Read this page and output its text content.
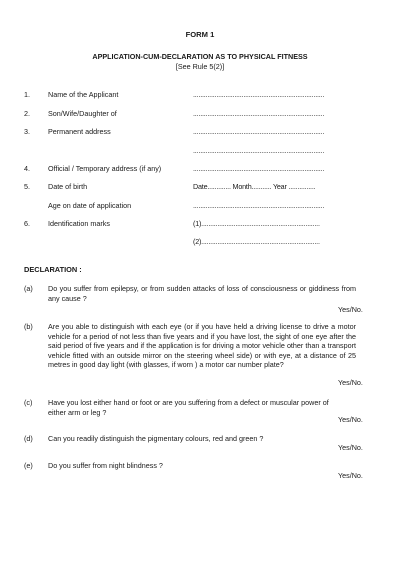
FORM 1
APPLICATION-CUM-DECLARATION AS TO PHYSICAL FITNESS
[See Rule 5(2)]
1.	Name of the Applicant	.........................................................................
2.	Son/Wife/Daughter of	.........................................................................
3.	Permanent address	.........................................................................
.........................................................................
4.	Official / Temporary address (if any)	.........................................................................
5.	Date of birth	Date............. Month........... Year ...............
Age on date of application	.........................................................................
6.	Identification marks	(1)..................................................................
(2)..................................................................
DECLARATION :
(a) Do you suffer from epilepsy, or from sudden attacks of loss of consciousness or giddiness from any cause ?
Yes/No.
(b) Are you able to distinguish with each eye (or if you have held a driving license to drive a motor vehicle for a period of not less than five years and if you have lost, the sight of one eye after the said period of five years and if the application is for driving a motor vehicle other than a transport vehicle fitted with an outside mirror on the steering wheel side) or with eye, at a distance of 25 metres in good day light (with glasses, if worn ) a motor car number plate?
Yes/No.
(c) Have you lost either hand or foot or are you suffering from a defect or muscular power of either arm or leg ?
Yes/No.
(d) Can you readily distinguish the pigmentary colours, red and green ?
Yes/No.
(e) Do you suffer from night blindness ?
Yes/No.
